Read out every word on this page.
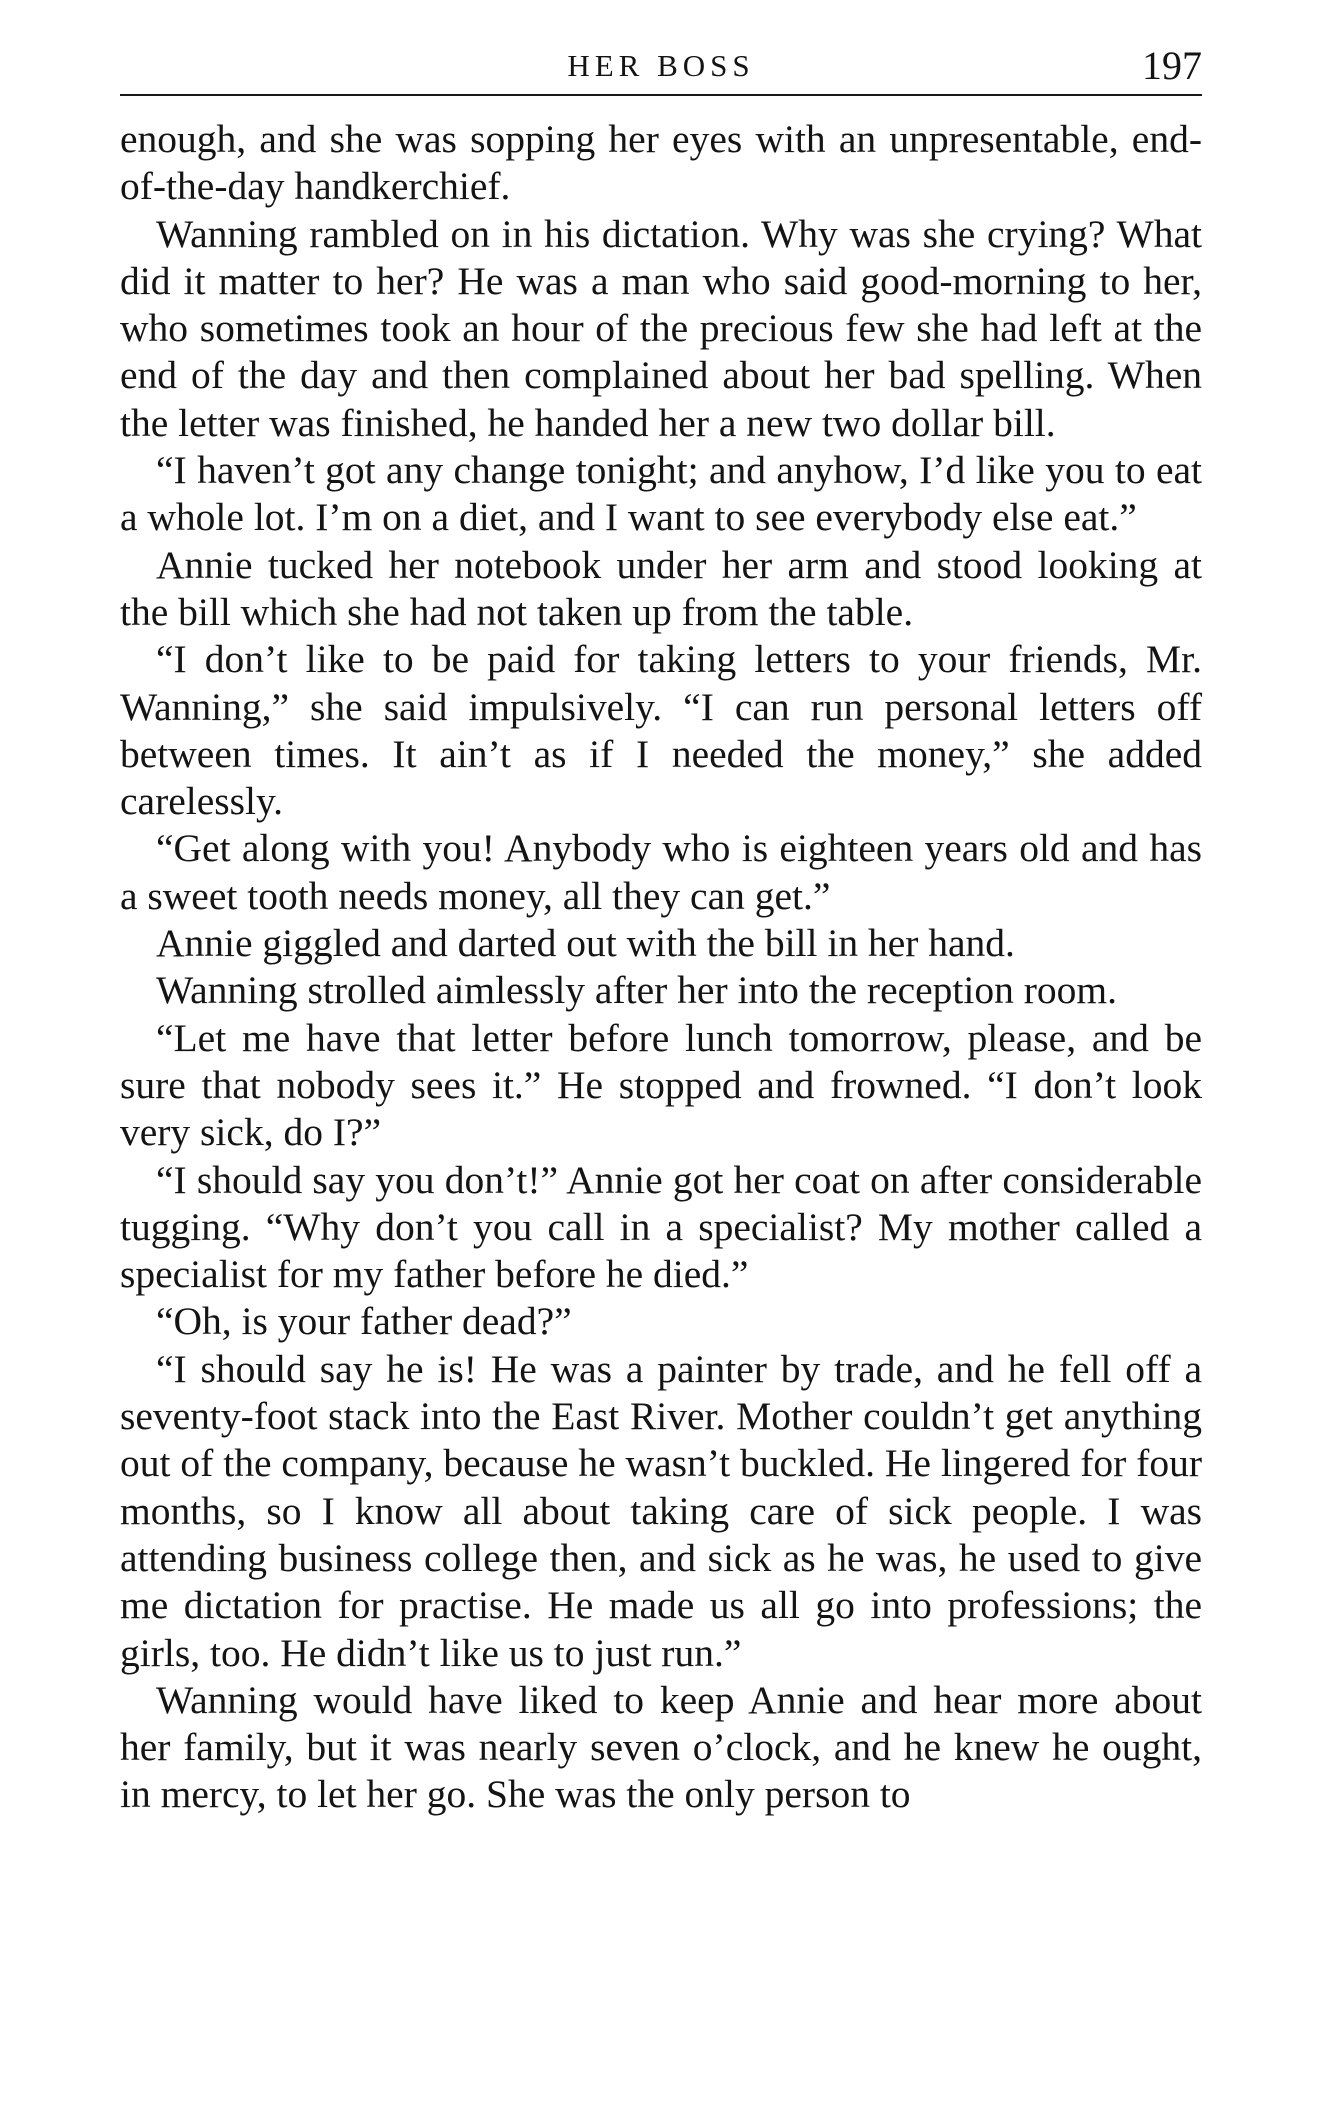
HER BOSS	197

enough, and she was sopping her eyes with an unpresentable, end-of-the-day handkerchief.

Wanning rambled on in his dictation. Why was she crying? What did it matter to her? He was a man who said good-morning to her, who sometimes took an hour of the precious few she had left at the end of the day and then complained about her bad spelling. When the letter was finished, he handed her a new two dollar bill.

“I haven’t got any change tonight; and anyhow, I’d like you to eat a whole lot. I’m on a diet, and I want to see everybody else eat.”

Annie tucked her notebook under her arm and stood looking at the bill which she had not taken up from the table.

“I don’t like to be paid for taking letters to your friends, Mr. Wanning,” she said impulsively. “I can run personal letters off between times. It ain’t as if I needed the money,” she added carelessly.

“Get along with you! Anybody who is eighteen years old and has a sweet tooth needs money, all they can get.”

Annie giggled and darted out with the bill in her hand.

Wanning strolled aimlessly after her into the reception room.

“Let me have that letter before lunch tomorrow, please, and be sure that nobody sees it.” He stopped and frowned. “I don’t look very sick, do I?”

“I should say you don’t!” Annie got her coat on after considerable tugging. “Why don’t you call in a specialist? My mother called a specialist for my father before he died.”

“Oh, is your father dead?”

“I should say he is! He was a painter by trade, and he fell off a seventy-foot stack into the East River. Mother couldn’t get anything out of the company, because he wasn’t buckled. He lingered for four months, so I know all about taking care of sick people. I was attending business college then, and sick as he was, he used to give me dictation for practise. He made us all go into professions; the girls, too. He didn’t like us to just run.”

Wanning would have liked to keep Annie and hear more about her family, but it was nearly seven o’clock, and he knew he ought, in mercy, to let her go. She was the only person to
